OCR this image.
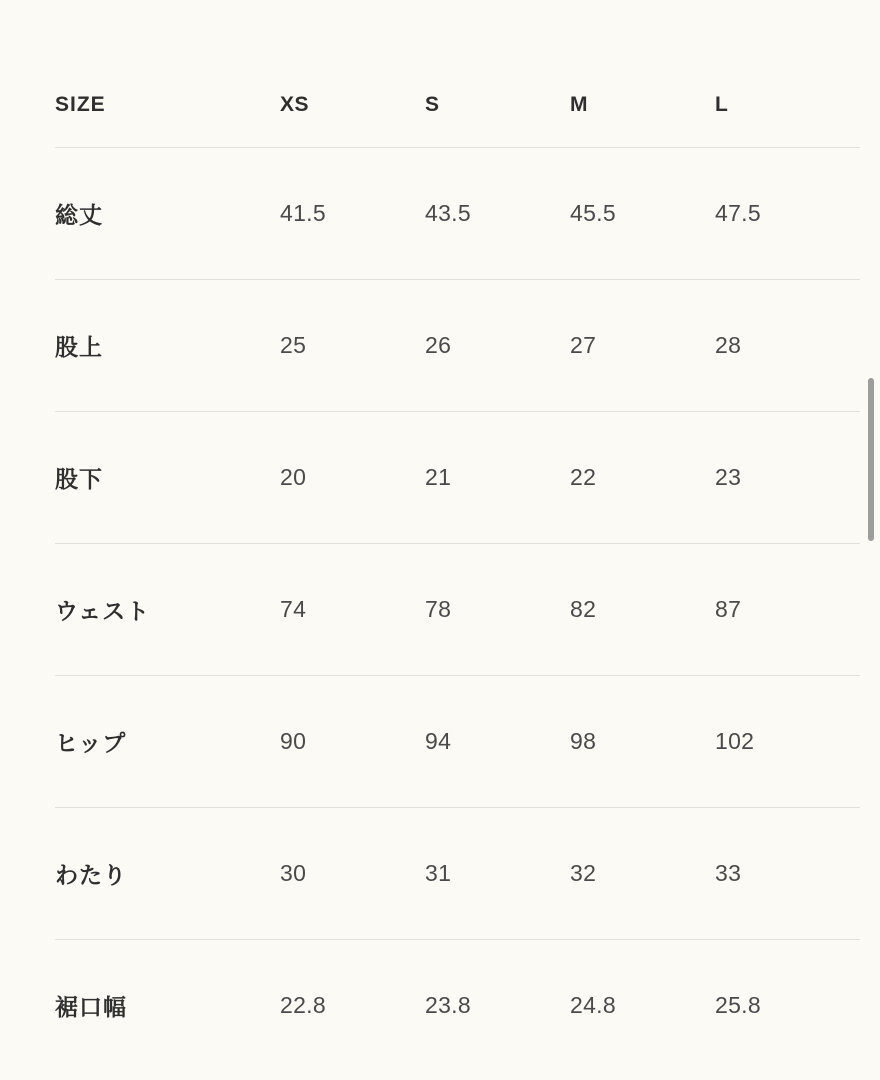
SIZE	XS	S	M	L
総丈	41.5	43.5	45.5	47.5
股上	25	26	27	28
股下	20	21	22	23
ウェスト	74	78	82	87
ヒップ	90	94	98	102
わたり	30	31	32	33
裾口幅	22.8	23.8	24.8	25.8
